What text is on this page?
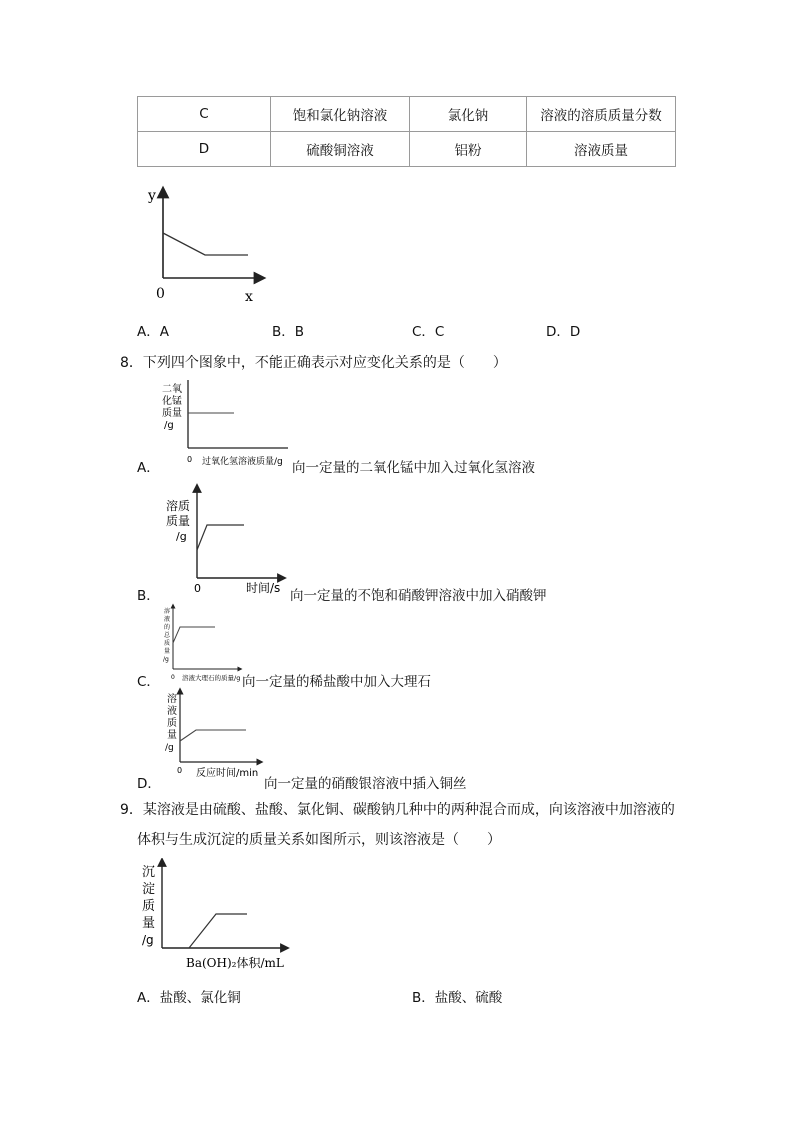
C	饱和氯化钠溶液	氯化钠	溶液的溶质质量分数
D	硫酸铜溶液	铝粉	溶液质量
y
0	x
A．A	B．B	C．C	D．D
8．下列四个图象中，不能正确表示对应变化关系的是（　　）
A．
二氧
化锰
质量
/g
0 过氧化氢溶液质量/g 向一定量的二氧化锰中加入过氧化氢溶液
B．
溶质
质量
/g
0	时间/s 向一定量的不饱和硝酸钾溶液中加入硝酸钾
C．
溶
液
的
总
质
量
/g
0 溶液大理石的质量/g 向一定量的稀盐酸中加入大理石
D．
溶
液
质
量
/g
0 反应时间/min
向一定量的硝酸银溶液中插入铜丝
9．某溶液是由硫酸、盐酸、氯化铜、碳酸钠几种中的两种混合而成，向该溶液中加溶液的
体积与生成沉淀的质量关系如图所示，则该溶液是（　　）
沉
淀
质
量
/g
Ba(OH)₂体积/mL
A．盐酸、氯化铜	B．盐酸、硫酸
